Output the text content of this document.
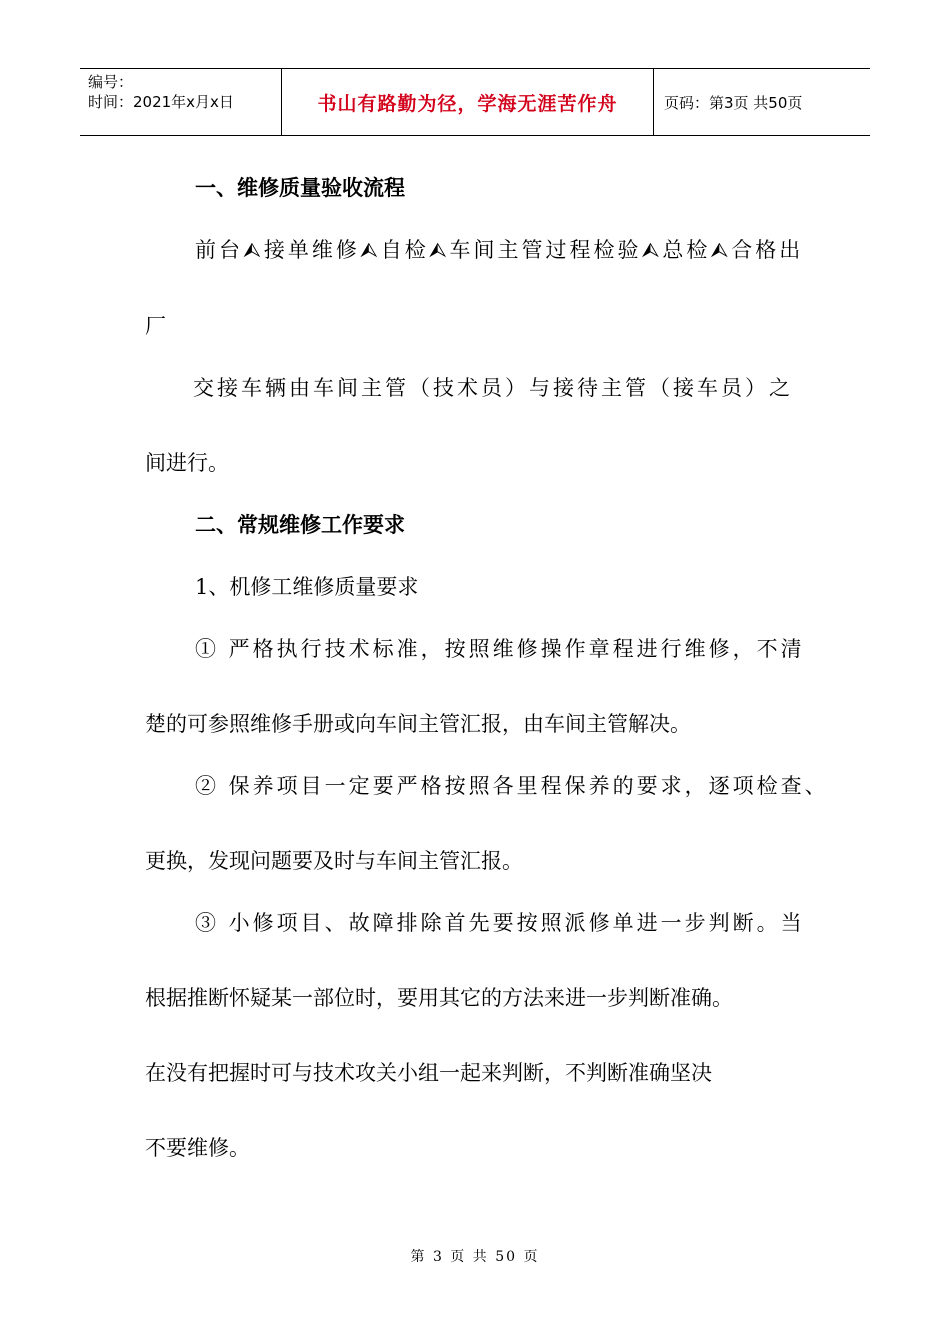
编号：
时间：2021年x月x日	书山有路勤为径，学海无涯苦作舟	页码：第3页 共50页
一、维修质量验收流程
前台⮙接单维修⮙自检⮙车间主管过程检验⮙总检⮙合格出
厂
交接车辆由车间主管（技术员）与接待主管（接车员）之
间进行。
二、常规维修工作要求
1、机修工维修质量要求
① 严格执行技术标准，按照维修操作章程进行维修，不清
楚的可参照维修手册或向车间主管汇报，由车间主管解决。
② 保养项目一定要严格按照各里程保养的要求，逐项检查、
更换，发现问题要及时与车间主管汇报。
③ 小修项目、故障排除首先要按照派修单进一步判断。当
根据推断怀疑某一部位时，要用其它的方法来进一步判断准确。
在没有把握时可与技术攻关小组一起来判断，不判断准确坚决
不要维修。
第 3 页 共 50 页
